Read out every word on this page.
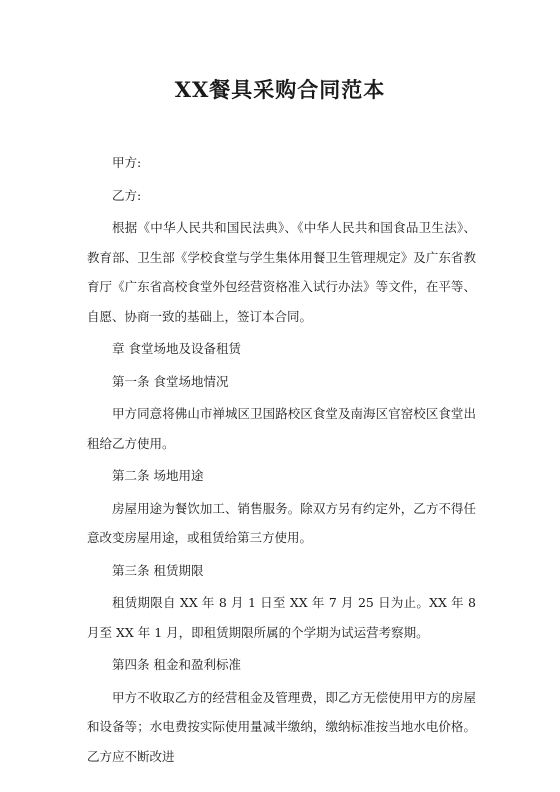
XX餐具采购合同范本

甲方:

乙方:

根据《中华人民共和国民法典》、《中华人民共和国食品卫生法》、教育部、卫生部《学校食堂与学生集体用餐卫生管理规定》及广东省教育厅《广东省高校食堂外包经营资格准入试行办法》等文件，在平等、自愿、协商一致的基础上，签订本合同。

章 食堂场地及设备租赁

第一条 食堂场地情况

甲方同意将佛山市禅城区卫国路校区食堂及南海区官窑校区食堂出租给乙方使用。

第二条 场地用途

房屋用途为餐饮加工、销售服务。除双方另有约定外，乙方不得任意改变房屋用途，或租赁给第三方使用。

第三条 租赁期限

租赁期限自 XX 年 8 月 1 日至 XX 年 7 月 25 日为止。XX 年 8 月至 XX 年 1 月，即租赁期限所属的个学期为试运营考察期。

第四条 租金和盈利标准

甲方不收取乙方的经营租金及管理费，即乙方无偿使用甲方的房屋和设备等；水电费按实际使用量减半缴纳，缴纳标准按当地水电价格。乙方应不断改进
